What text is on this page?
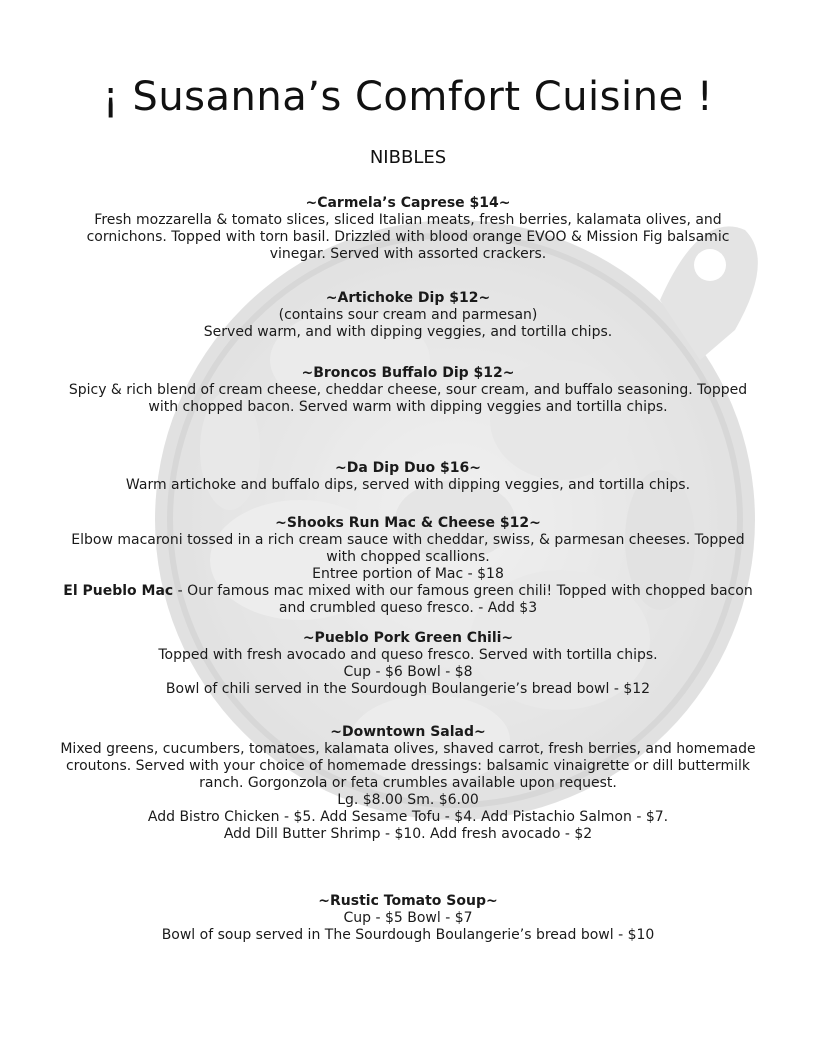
¡ Susanna’s Comfort Cuisine !
NIBBLES

~Carmela’s Caprese $14~

Fresh mozzarella & tomato slices, sliced Italian meats, fresh berries, kalamata olives, and cornichons. Topped with torn basil. Drizzled with blood orange EVOO & Mission Fig balsamic vinegar. Served with assorted crackers.

~Artichoke Dip $12~

(contains sour cream and parmesan)

Served warm, and with dipping veggies, and tortilla chips.

~Broncos Buffalo Dip $12~

Spicy & rich blend of cream cheese, cheddar cheese, sour cream, and buffalo seasoning. Topped with chopped bacon. Served warm with dipping veggies and tortilla chips.

~Da Dip Duo $16~

Warm artichoke and buffalo dips, served with dipping veggies, and tortilla chips.

~Shooks Run Mac & Cheese $12~

Elbow macaroni tossed in a rich cream sauce with cheddar, swiss, & parmesan cheeses. Topped with chopped scallions.

Entree portion of Mac - $18

El Pueblo Mac - Our famous mac mixed with our famous green chili! Topped with chopped bacon and crumbled queso fresco. - Add $3

~Pueblo Pork Green Chili~

Topped with fresh avocado and queso fresco. Served with tortilla chips.

Cup - $6 Bowl - $8

Bowl of chili served in the Sourdough Boulangerie’s bread bowl - $12

~Downtown Salad~

Mixed greens, cucumbers, tomatoes, kalamata olives, shaved carrot, fresh berries, and homemade croutons. Served with your choice of homemade dressings: balsamic vinaigrette or dill buttermilk ranch. Gorgonzola or feta crumbles available upon request.

Lg. $8.00 Sm. $6.00

Add Bistro Chicken - $5. Add Sesame Tofu - $4. Add Pistachio Salmon - $7.

Add Dill Butter Shrimp - $10. Add fresh avocado - $2

~Rustic Tomato Soup~

Cup - $5 Bowl - $7

Bowl of soup served in The Sourdough Boulangerie’s bread bowl - $10
